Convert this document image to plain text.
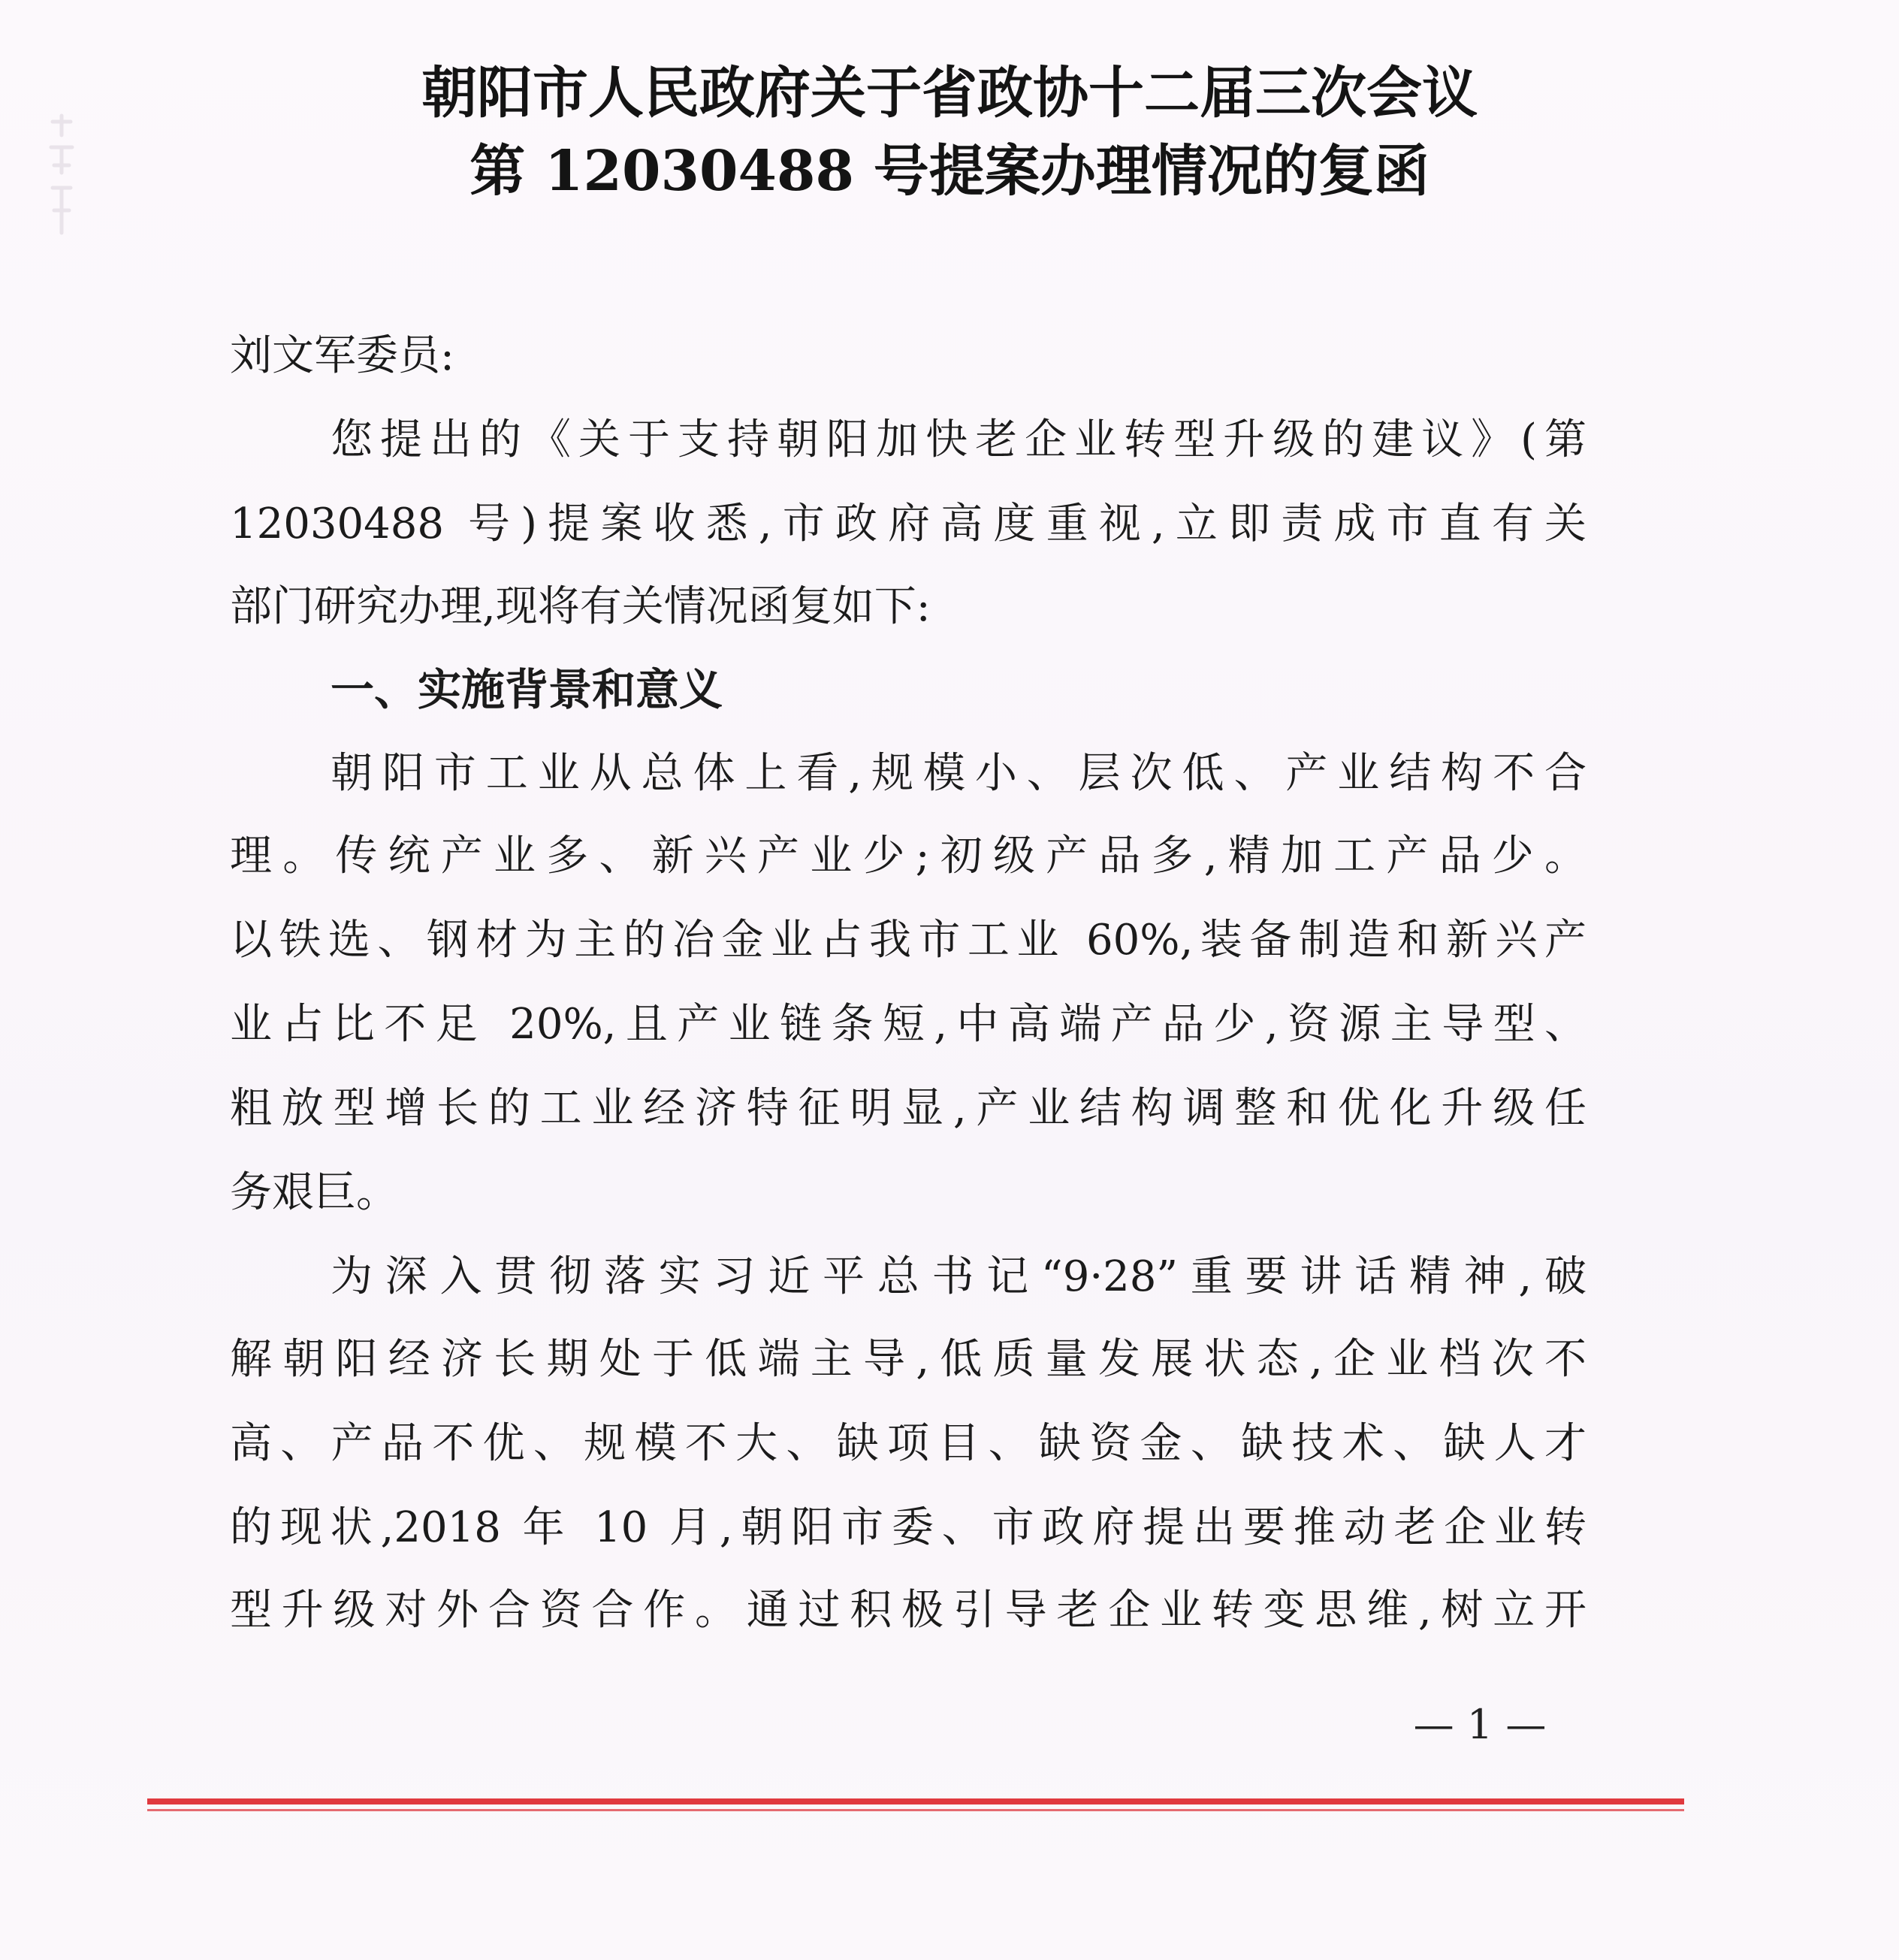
朝阳市人民政府关于省政协十二届三次会议
第 12030488 号提案办理情况的复函
刘文军委员:
您提出的《关于支持朝阳加快老企业转型升级的建议》(第
12030488 号)提案收悉,市政府高度重视,立即责成市直有关
部门研究办理,现将有关情况函复如下:
一、实施背景和意义
朝阳市工业从总体上看,规模小、层次低、产业结构不合
理。传统产业多、新兴产业少;初级产品多,精加工产品少。
以铁选、钢材为主的冶金业占我市工业 60%,装备制造和新兴产
业占比不足 20%,且产业链条短,中高端产品少,资源主导型、
粗放型增长的工业经济特征明显,产业结构调整和优化升级任
务艰巨。
为深入贯彻落实习近平总书记“9·28”重要讲话精神,破
解朝阳经济长期处于低端主导,低质量发展状态,企业档次不
高、产品不优、规模不大、缺项目、缺资金、缺技术、缺人才
的现状,2018 年 10 月,朝阳市委、市政府提出要推动老企业转
型升级对外合资合作。通过积极引导老企业转变思维,树立开
— 1 —
